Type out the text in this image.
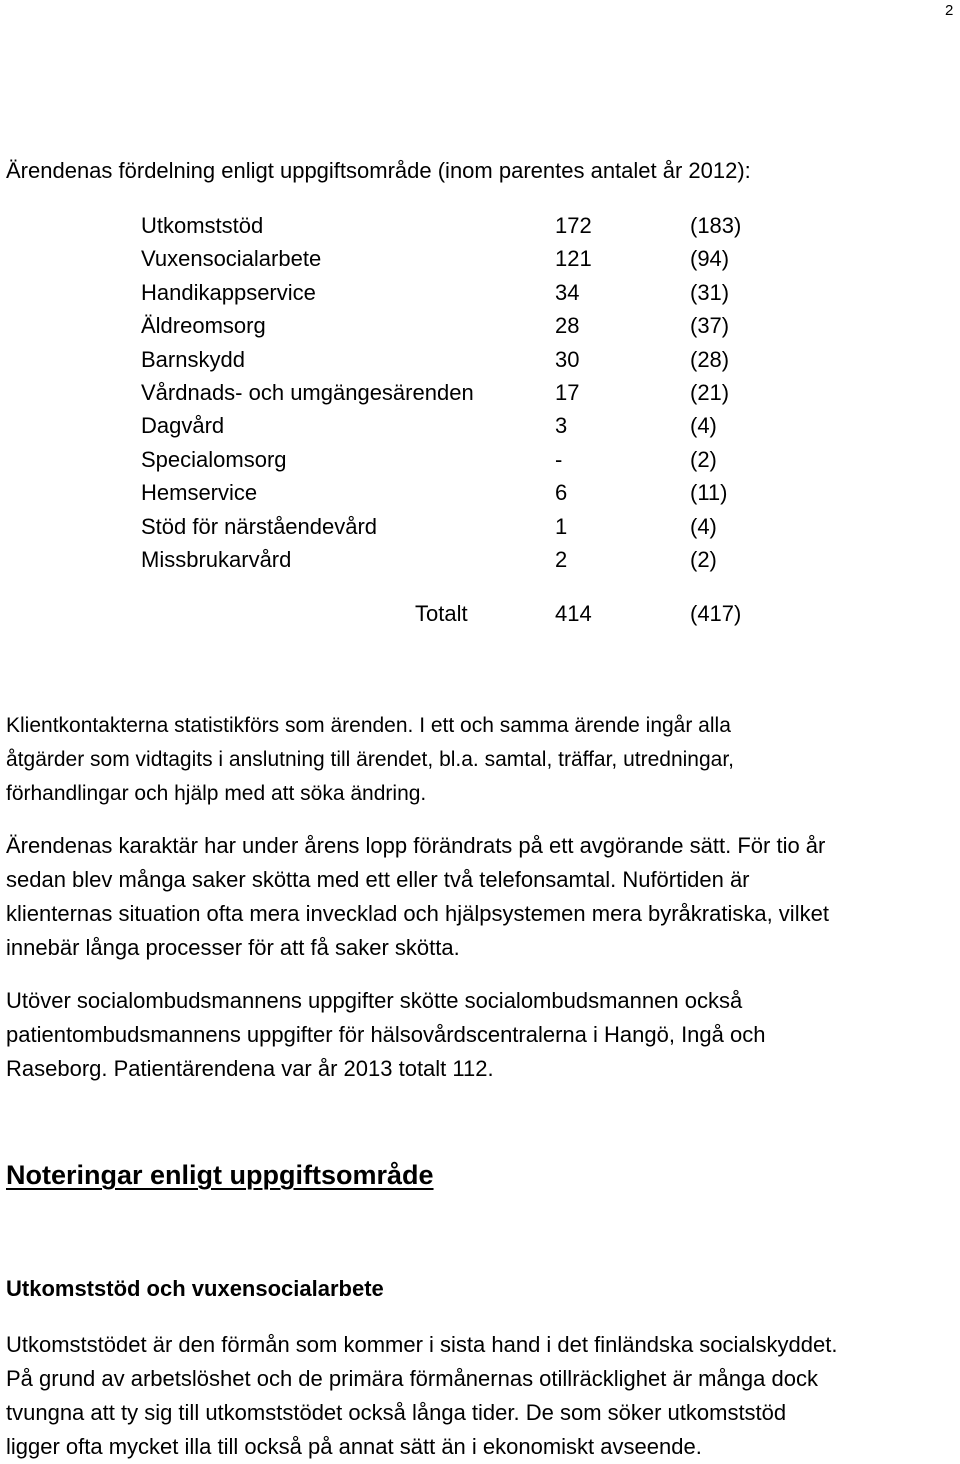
2
Ärendenas fördelning enligt uppgiftsområde (inom parentes antalet år 2012):
Utkomststöd	172	(183)
Vuxensocialarbete	121	(94)
Handikappservice	34	(31)
Äldreomsorg	28	(37)
Barnskydd	30	(28)
Vårdnads- och umgängesärenden	17	(21)
Dagvård	3	(4)
Specialomsorg	-	(2)
Hemservice	6	(11)
Stöd för närståendevård	1	(4)
Missbrukarvård	2	(2)
Totalt	414	(417)
Klientkontakterna statistikförs som ärenden. I ett och samma ärende ingår alla
åtgärder som vidtagits i anslutning till ärendet, bl.a. samtal, träffar, utredningar,
förhandlingar och hjälp med att söka ändring.
Ärendenas karaktär har under årens lopp förändrats på ett avgörande sätt. För tio år
sedan blev många saker skötta med ett eller två telefonsamtal. Nuförtiden är
klienternas situation ofta mera invecklad och hjälpsystemen mera byråkratiska, vilket
innebär långa processer för att få saker skötta.
Utöver socialombudsmannens uppgifter skötte socialombudsmannen också
patientombudsmannens uppgifter för hälsovårdscentralerna i Hangö, Ingå och
Raseborg. Patientärendena var år 2013 totalt 112.
Noteringar enligt uppgiftsområde
Utkomststöd och vuxensocialarbete
Utkomststödet är den förmån som kommer i sista hand i det finländska socialskyddet.
På grund av arbetslöshet och de primära förmånernas otillräcklighet är många dock
tvungna att ty sig till utkomststödet också långa tider. De som söker utkomststöd
ligger ofta mycket illa till också på annat sätt än i ekonomiskt avseende.
